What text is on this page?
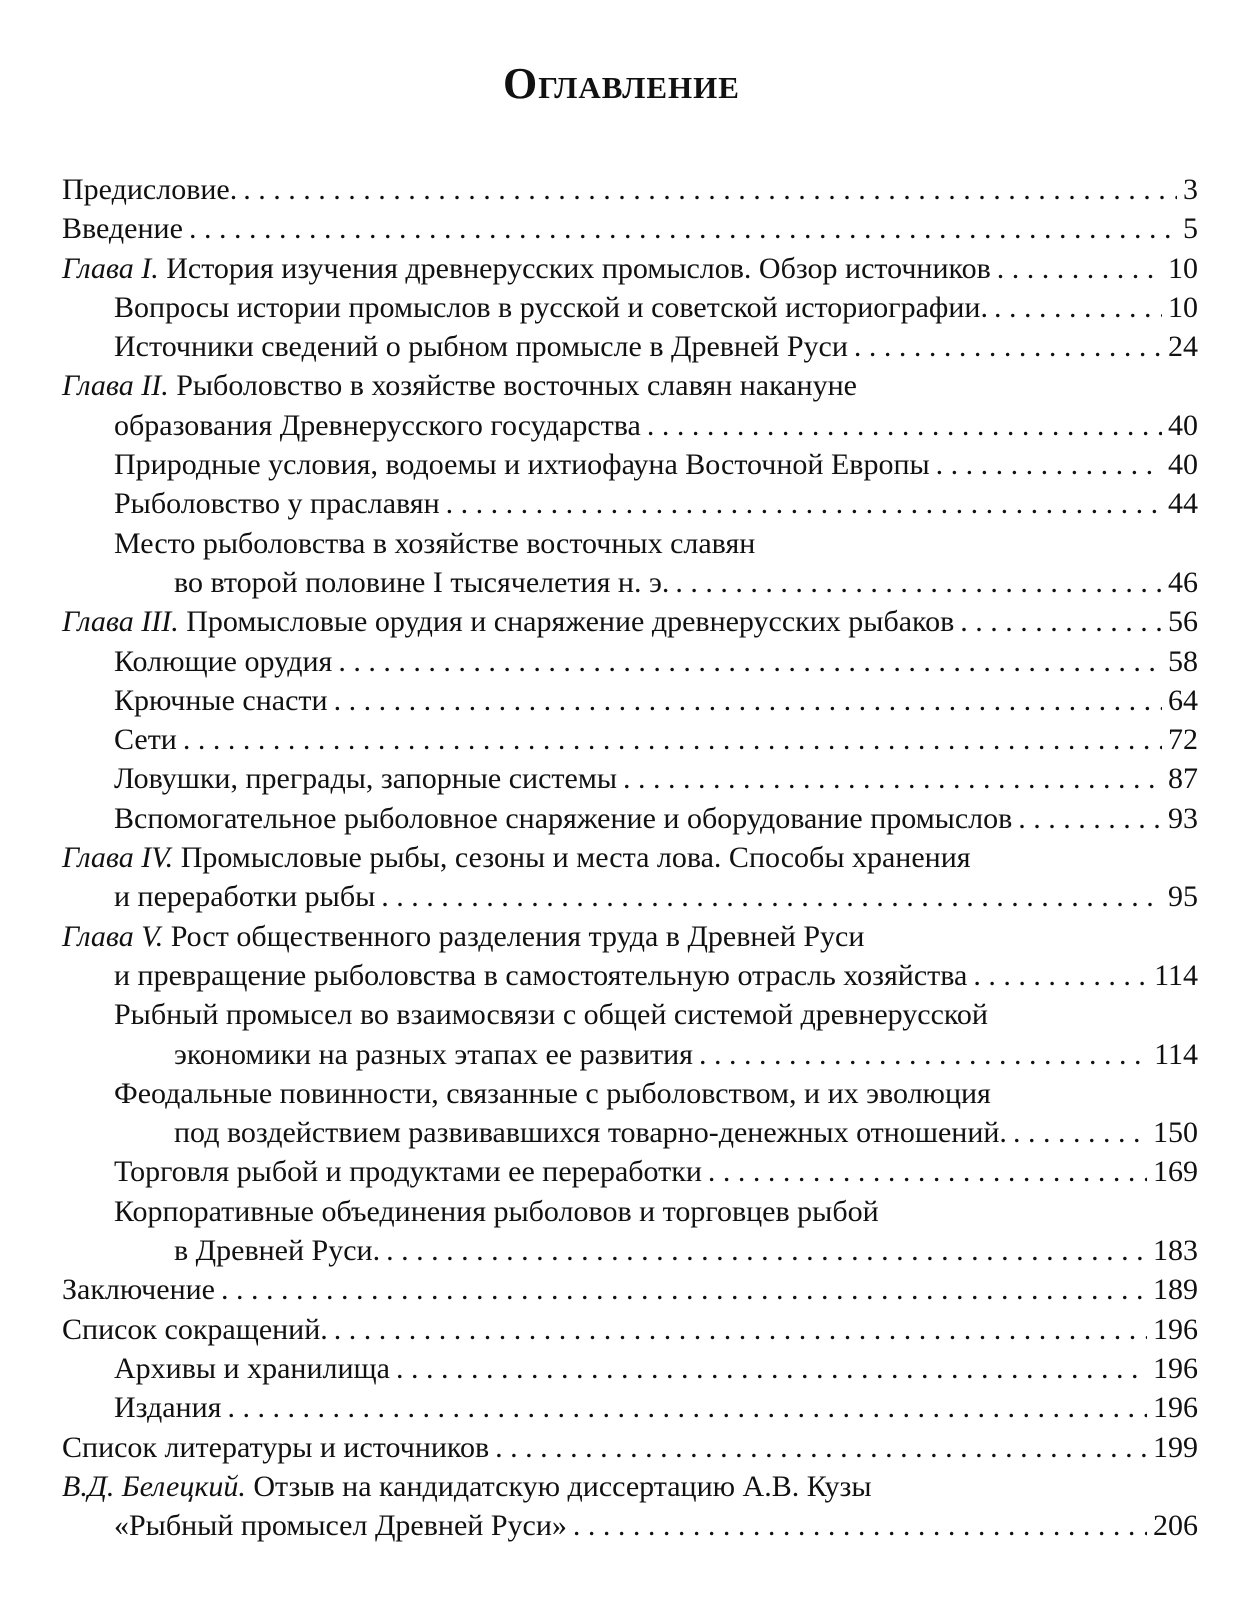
Оглавление
Предисловие. . . .	3
Введение . . .	5
Глава I. История изучения древнерусских промыслов. Обзор источников . . .	10
Вопросы истории промыслов в русской и советской историографии. . . .	10
Источники сведений о рыбном промысле в Древней Руси . . .	24
Глава II. Рыболовство в хозяйстве восточных славян накануне
образования Древнерусского государства . . .	40
Природные условия, водоемы и ихтиофауна Восточной Европы . . .	40
Рыболовство у праславян . . .	44
Место рыболовства в хозяйстве восточных славян
во второй половине I тысячелетия н. э. . . .	46
Глава III. Промысловые орудия и снаряжение древнерусских рыбаков . . .	56
Колющие орудия . . .	58
Крючные снасти . . .	64
Сети . . .	72
Ловушки, преграды, запорные системы . . .	87
Вспомогательное рыболовное снаряжение и оборудование промыслов . . .	93
Глава IV. Промысловые рыбы, сезоны и места лова. Способы хранения
и переработки рыбы . . .	95
Глава V. Рост общественного разделения труда в Древней Руси
и превращение рыболовства в самостоятельную отрасль хозяйства . . .	114
Рыбный промысел во взаимосвязи с общей системой древнерусской
экономики на разных этапах ее развития . . .	114
Феодальные повинности, связанные с рыболовством, и их эволюция
под воздействием развивавшихся товарно-денежных отношений. . . .	150
Торговля рыбой и продуктами ее переработки . . .	169
Корпоративные объединения рыболовов и торговцев рыбой
в Древней Руси. . . .	183
Заключение . . .	189
Список сокращений. . . .	196
Архивы и хранилища . . .	196
Издания . . .	196
Список литературы и источников . . .	199
В.Д. Белецкий. Отзыв на кандидатскую диссертацию А.В. Кузы
«Рыбный промысел Древней Руси» . . .	206
